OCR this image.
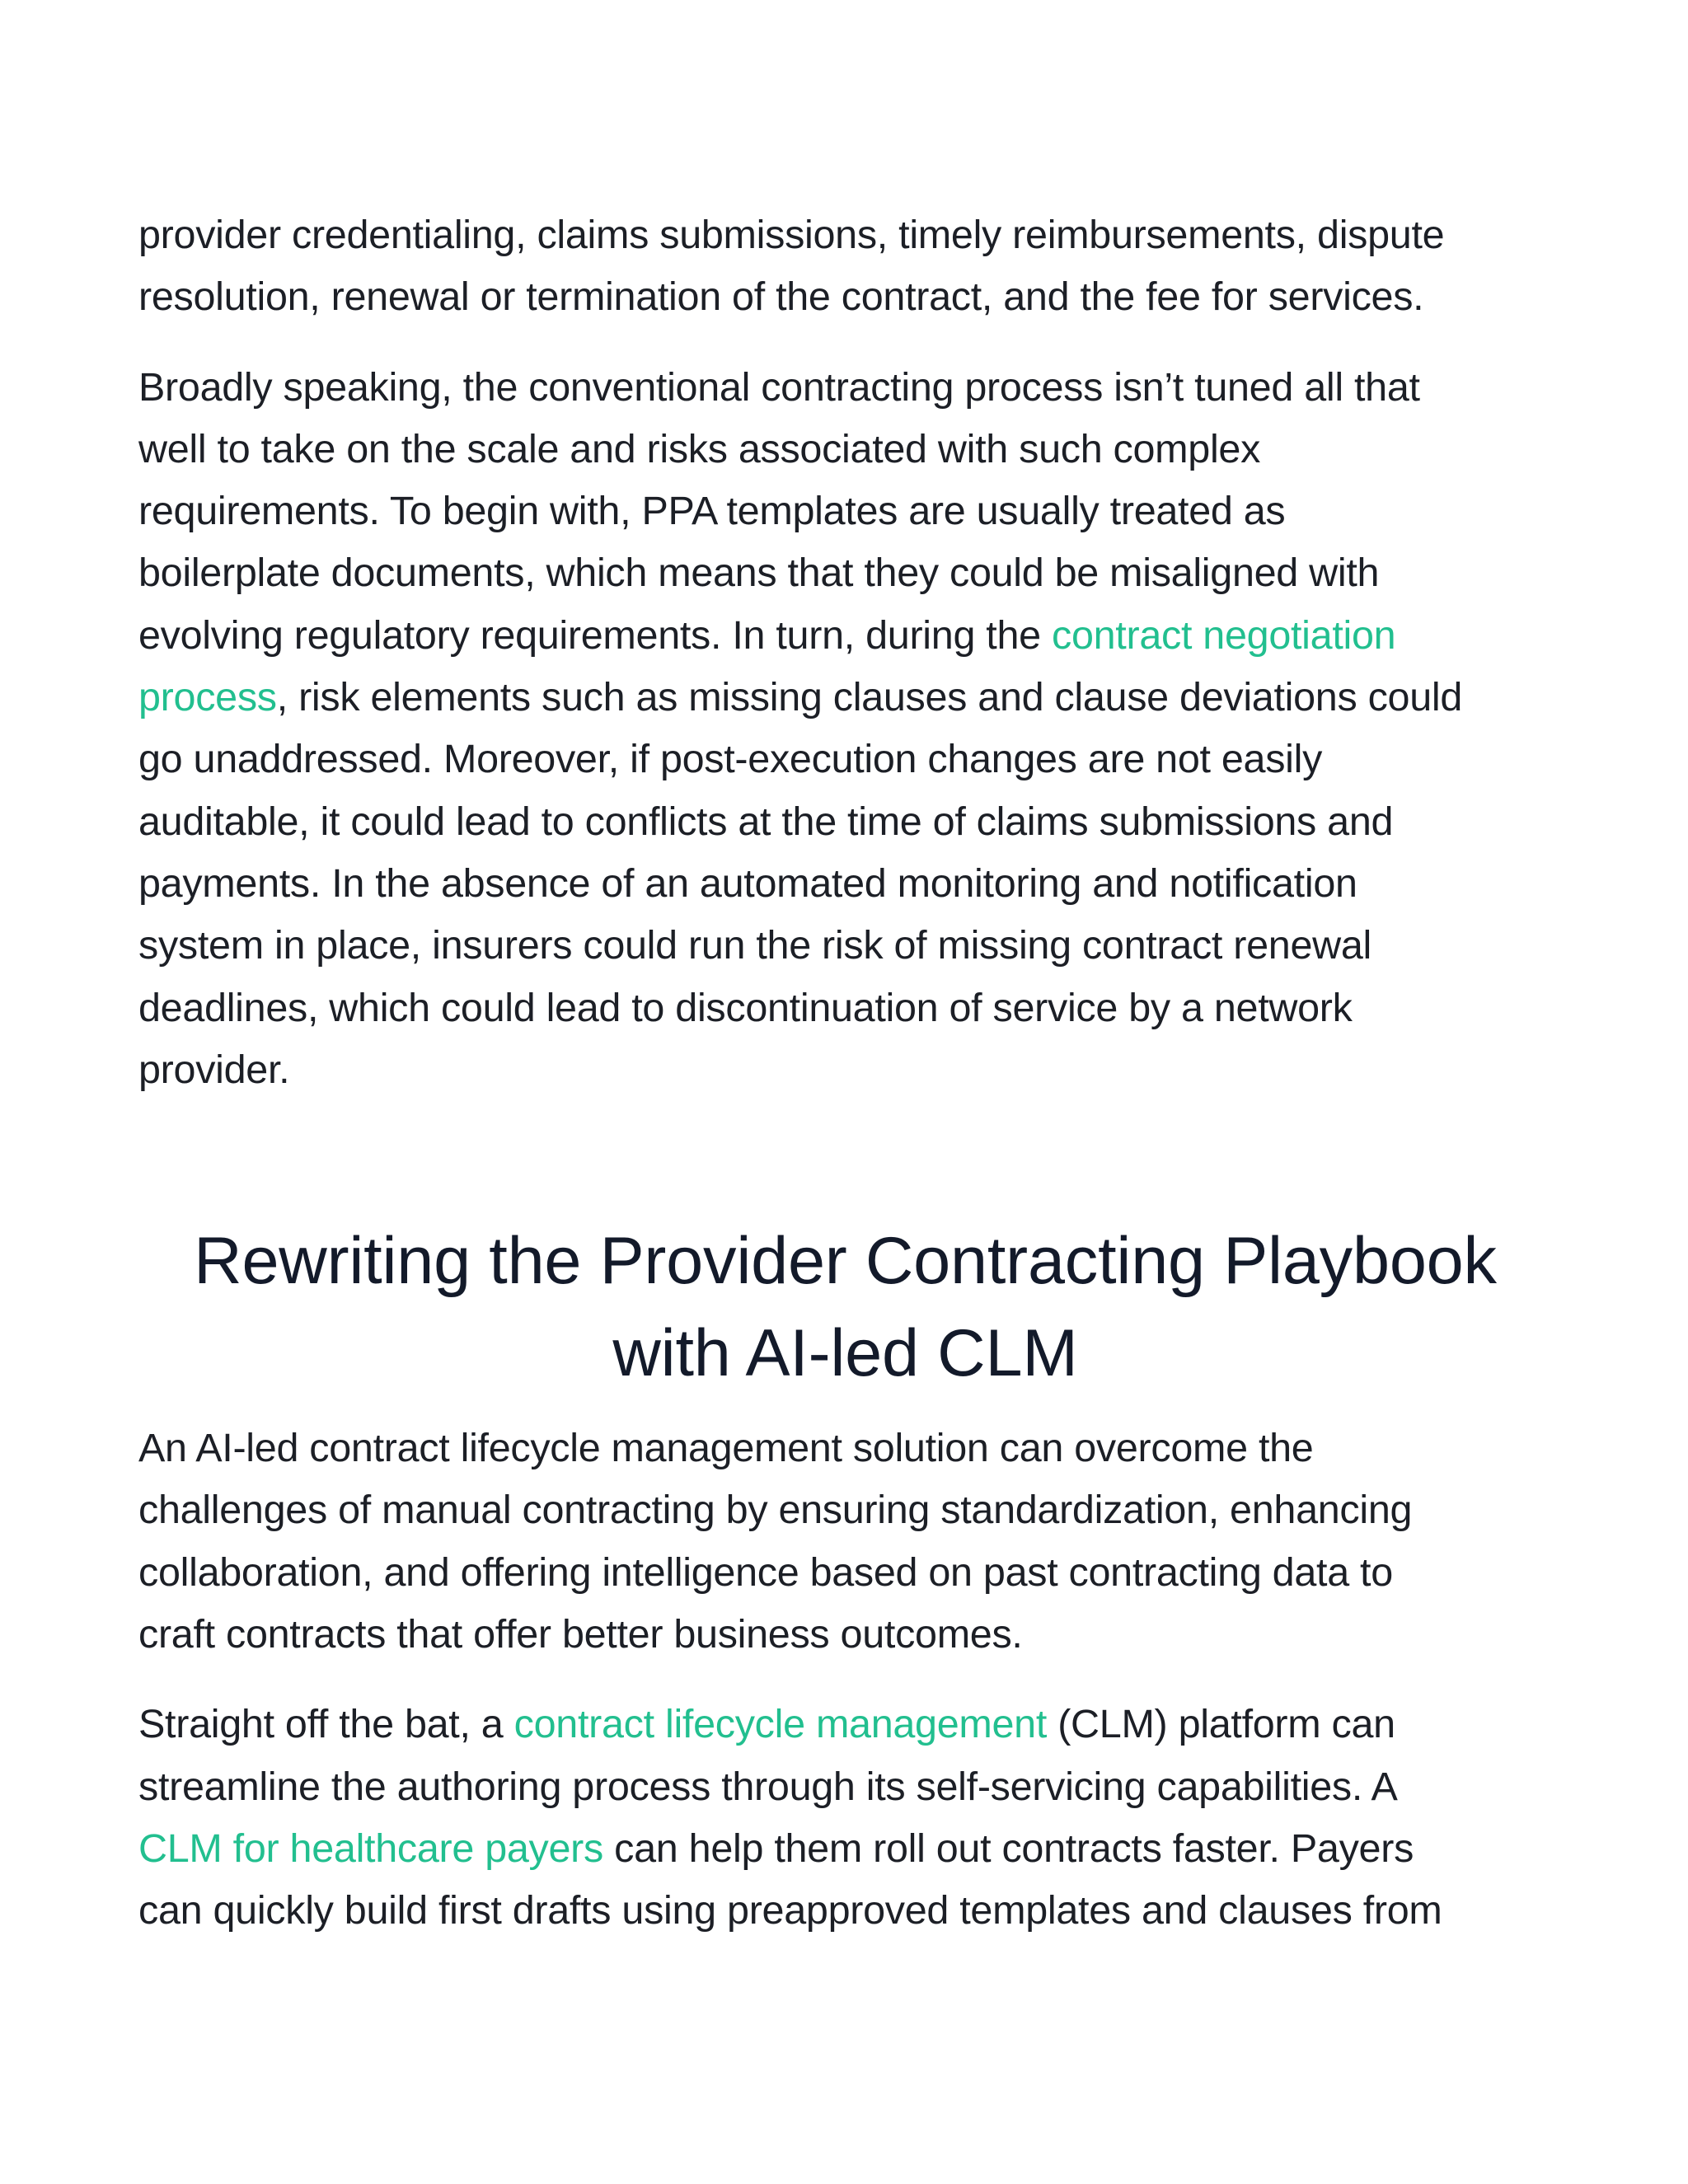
provider credentialing, claims submissions, timely reimbursements, dispute
resolution, renewal or termination of the contract, and the fee for services.

Broadly speaking, the conventional contracting process isn’t tuned all that
well to take on the scale and risks associated with such complex
requirements. To begin with, PPA templates are usually treated as
boilerplate documents, which means that they could be misaligned with
evolving regulatory requirements. In turn, during the contract negotiation
process, risk elements such as missing clauses and clause deviations could
go unaddressed. Moreover, if post-execution changes are not easily
auditable, it could lead to conflicts at the time of claims submissions and
payments. In the absence of an automated monitoring and notification
system in place, insurers could run the risk of missing contract renewal
deadlines, which could lead to discontinuation of service by a network
provider.

Rewriting the Provider Contracting Playbook
with AI-led CLM

An AI-led contract lifecycle management solution can overcome the
challenges of manual contracting by ensuring standardization, enhancing
collaboration, and offering intelligence based on past contracting data to
craft contracts that offer better business outcomes.

Straight off the bat, a contract lifecycle management (CLM) platform can
streamline the authoring process through its self-servicing capabilities. A
CLM for healthcare payers can help them roll out contracts faster. Payers
can quickly build first drafts using preapproved templates and clauses from
